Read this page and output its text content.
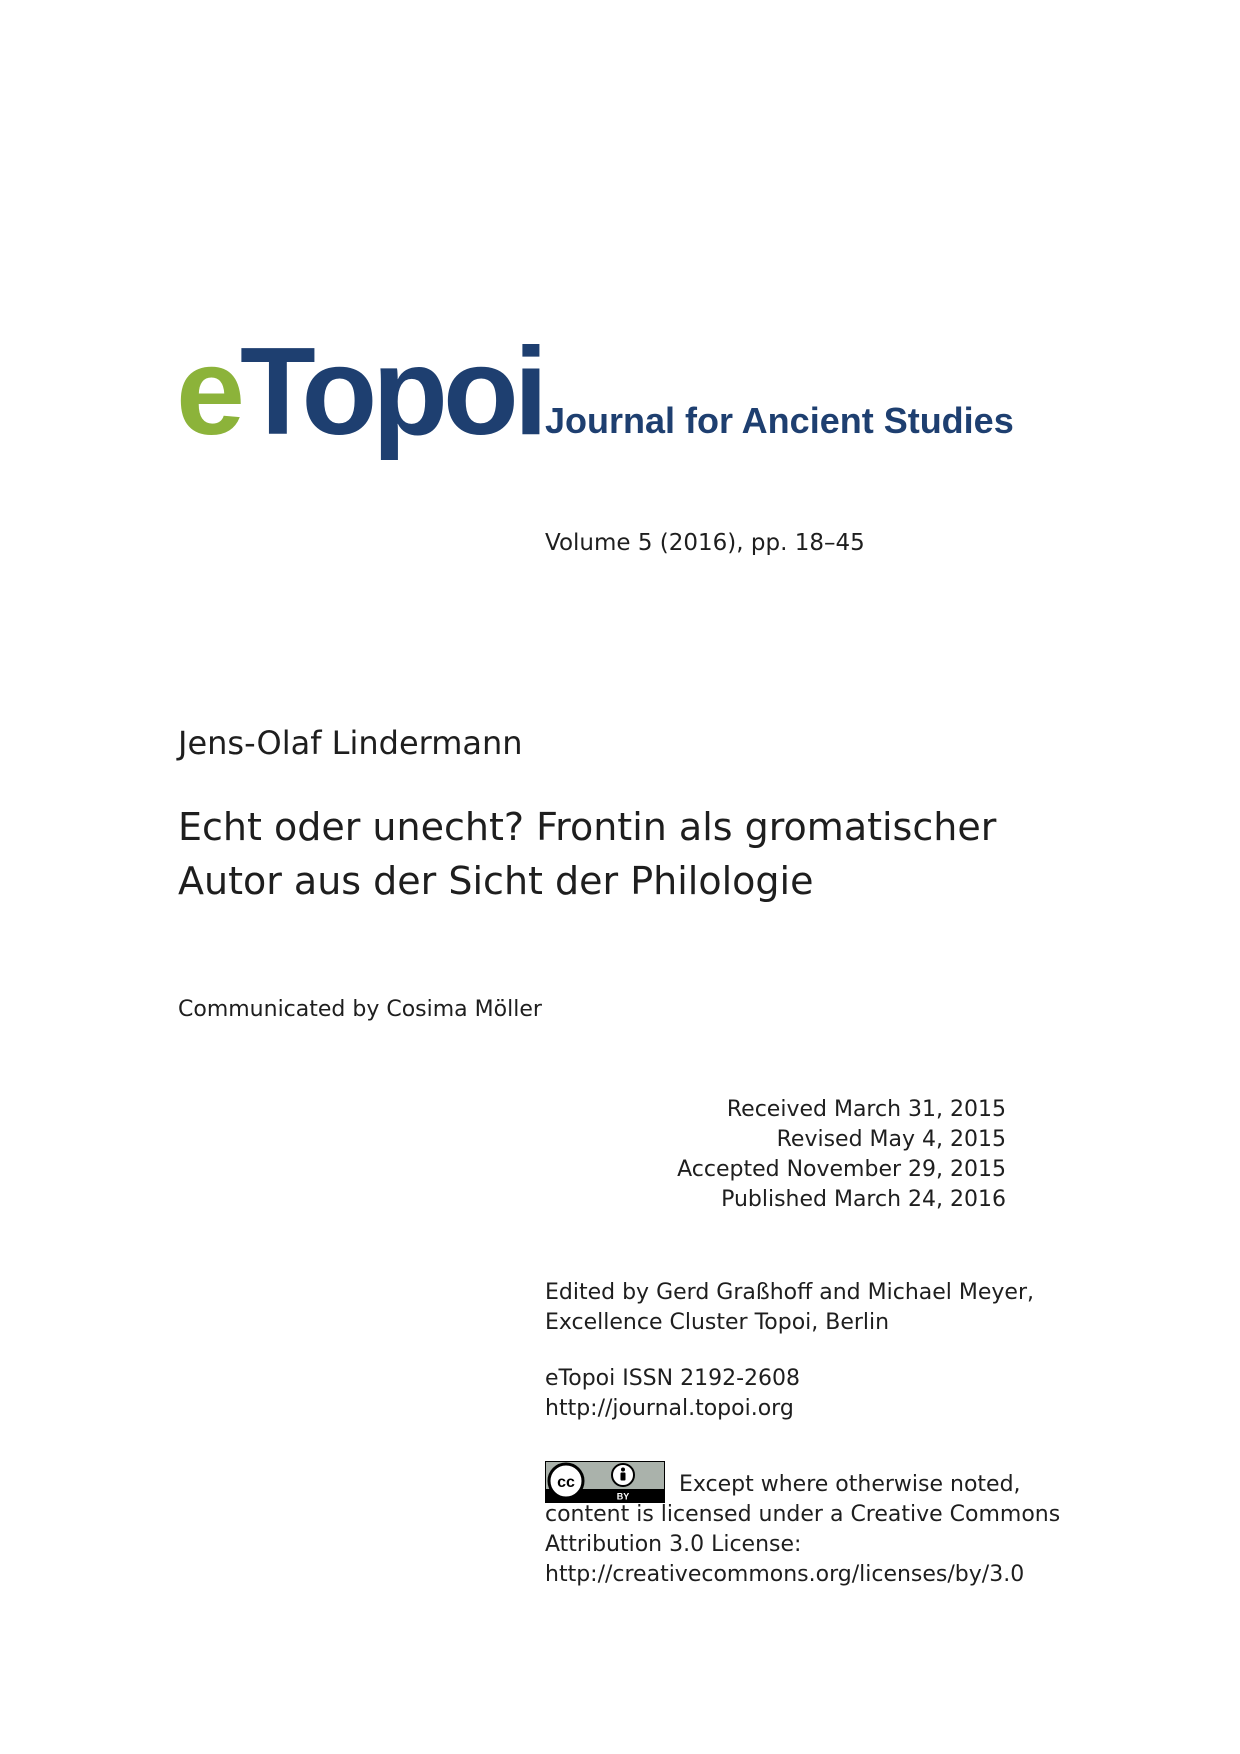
eTopoi Journal for Ancient Studies
Volume 5 (2016), pp. 18–45
Jens-Olaf Lindermann
Echt oder unecht? Frontin als gromatischer
Autor aus der Sicht der Philologie
Communicated by Cosima Möller
Received March 31, 2015
Revised May 4, 2015
Accepted November 29, 2015
Published March 24, 2016
Edited by Gerd Graßhoff and Michael Meyer,
Excellence Cluster Topoi, Berlin
eTopoi ISSN 2192-2608
http://journal.topoi.org
cc
BY Except where otherwise noted,
content is licensed under a Creative Commons
Attribution 3.0 License:
http://creativecommons.org/licenses/by/3.0
